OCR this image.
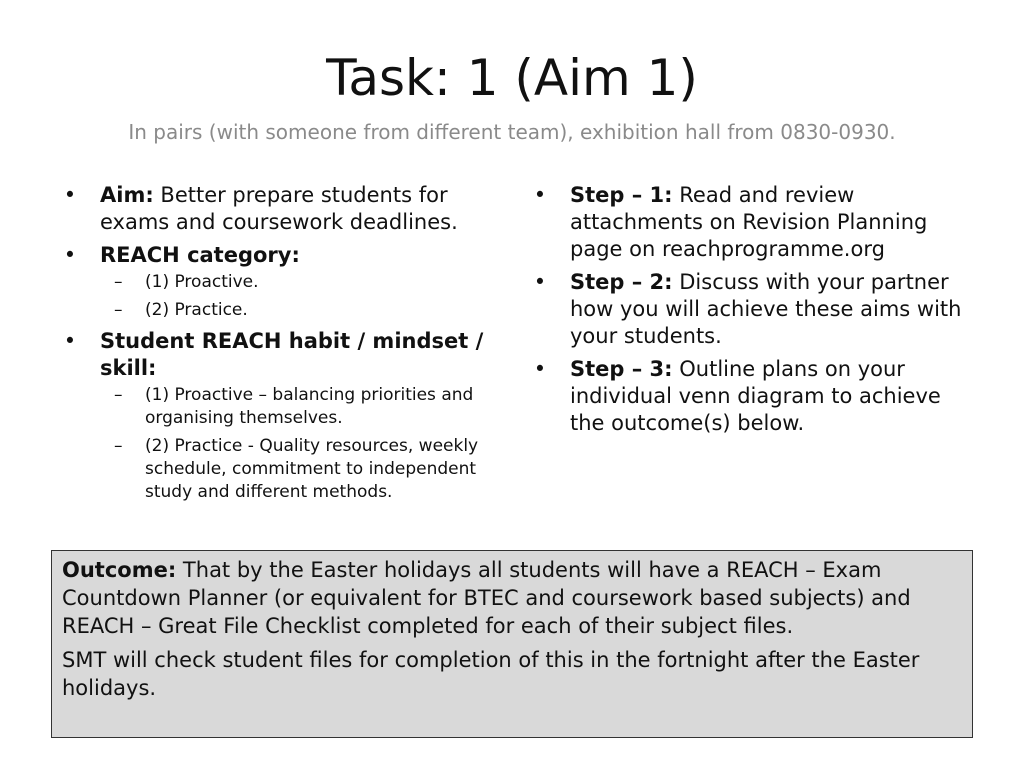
Task: 1 (Aim 1)
In pairs (with someone from different team), exhibition hall from 0830-0930.
• Aim: Better prepare students for exams and coursework deadlines.
• REACH category:
– (1) Proactive.
– (2) Practice.
• Student REACH habit / mindset / skill:
– (1) Proactive – balancing priorities and organising themselves.
– (2) Practice - Quality resources, weekly schedule, commitment to independent study and different methods.
• Step – 1: Read and review attachments on Revision Planning page on reachprogramme.org
• Step – 2: Discuss with your partner how you will achieve these aims with your students.
• Step – 3: Outline plans on your individual venn diagram to achieve the outcome(s) below.

Outcome: That by the Easter holidays all students will have a REACH – Exam Countdown Planner (or equivalent for BTEC and coursework based subjects) and REACH – Great File Checklist completed for each of their subject files.

SMT will check student files for completion of this in the fortnight after the Easter holidays.
